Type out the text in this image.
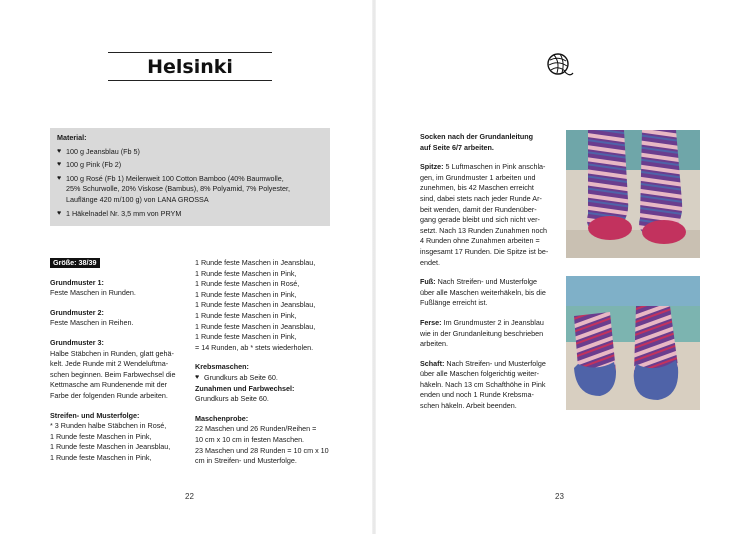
Helsinki
Material:
♥ 100 g Jeansblau (Fb 5)
♥ 100 g Pink (Fb 2)
♥ 100 g Rosé (Fb 1) Meilenweit 100 Cotton Bamboo (40% Baumwolle,
25% Schurwolle, 20% Viskose (Bambus), 8% Polyamid, 7% Polyester,
Lauflänge 420 m/100 g) von LANA GROSSA
♥ 1 Häkelnadel Nr. 3,5 mm von PRYM
Größe: 38/39
Grundmuster 1:
Feste Maschen in Runden.
Grundmuster 2:
Feste Maschen in Reihen.
Grundmuster 3:
Halbe Stäbchen in Runden, glatt gehä-
kelt. Jede Runde mit 2 Wendeluftma-
schen beginnen. Beim Farbwechsel die
Kettmasche am Rundenende mit der
Farbe der folgenden Runde arbeiten.
Streifen- und Musterfolge:
* 3 Runden halbe Stäbchen in Rosé,
1 Runde feste Maschen in Pink,
1 Runde feste Maschen in Jeansblau,
1 Runde feste Maschen in Pink,
1 Runde feste Maschen in Jeansblau,
1 Runde feste Maschen in Pink,
1 Runde feste Maschen in Rosé,
1 Runde feste Maschen in Pink,
1 Runde feste Maschen in Jeansblau,
1 Runde feste Maschen in Pink,
1 Runde feste Maschen in Jeansblau,
1 Runde feste Maschen in Pink,
= 14 Runden, ab * stets wiederholen.
Krebsmaschen:
♥ Grundkurs ab Seite 60.
Zunahmen und Farbwechsel:
Grundkurs ab Seite 60.
Maschenprobe:
22 Maschen und 26 Runden/Reihen =
10 cm x 10 cm in festen Maschen.
23 Maschen und 28 Runden = 10 cm x 10
cm in Streifen- und Musterfolge.
Socken nach der Grundanleitung
auf Seite 6/7 arbeiten.
Spitze: 5 Luftmaschen in Pink anschla-
gen, im Grundmuster 1 arbeiten und
zunehmen, bis 42 Maschen erreicht
sind, dabei stets nach jeder Runde Ar-
beit wenden, damit der Rundenüber-
gang gerade bleibt und sich nicht ver-
setzt. Nach 13 Runden Zunahmen noch
4 Runden ohne Zunahmen arbeiten =
insgesamt 17 Runden. Die Spitze ist be-
endet.
Fuß: Nach Streifen- und Musterfolge
über alle Maschen weiterhäkeln, bis die
Fußlänge erreicht ist.
Ferse: Im Grundmuster 2 in Jeansblau
wie in der Grundanleitung beschrieben
arbeiten.
Schaft: Nach Streifen- und Musterfolge
über alle Maschen folgerichtig weiter-
häkeln. Nach 13 cm Schafthöhe in Pink
enden und noch 1 Runde Krebsma-
schen häkeln. Arbeit beenden.
22	23
